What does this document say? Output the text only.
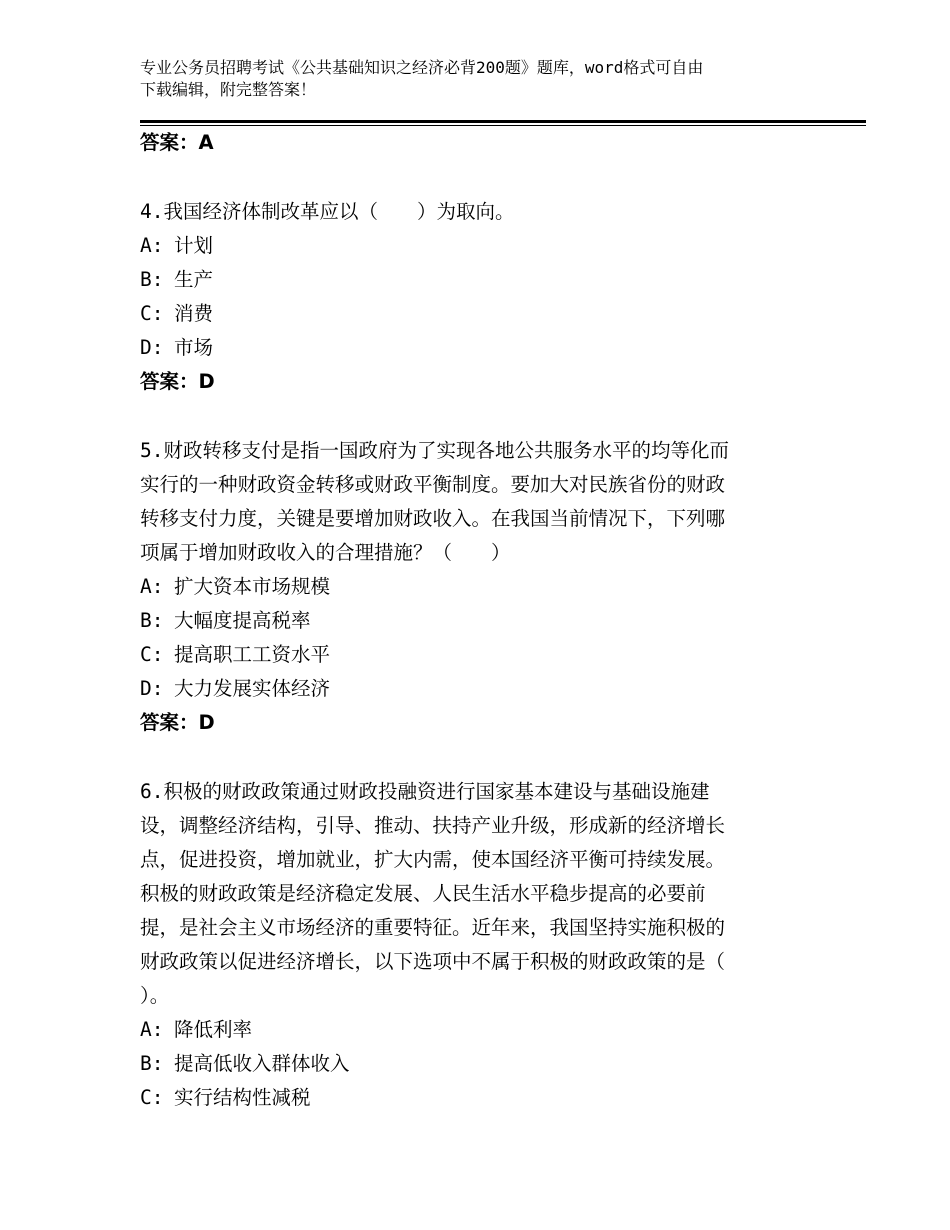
专业公务员招聘考试《公共基础知识之经济必背200题》题库，word格式可自由
下载编辑，附完整答案！
答案：A
4.我国经济体制改革应以（　　）为取向。
A: 计划
B: 生产
C: 消费
D: 市场
答案：D
5.财政转移支付是指一国政府为了实现各地公共服务水平的均等化而
实行的一种财政资金转移或财政平衡制度。要加大对民族省份的财政
转移支付力度，关键是要增加财政收入。在我国当前情况下，下列哪
项属于增加财政收入的合理措施？（　　）
A: 扩大资本市场规模
B: 大幅度提高税率
C: 提高职工工资水平
D: 大力发展实体经济
答案：D
6.积极的财政政策通过财政投融资进行国家基本建设与基础设施建
设，调整经济结构，引导、推动、扶持产业升级，形成新的经济增长
点，促进投资，增加就业，扩大内需，使本国经济平衡可持续发展。
积极的财政政策是经济稳定发展、人民生活水平稳步提高的必要前
提，是社会主义市场经济的重要特征。近年来，我国坚持实施积极的
财政政策以促进经济增长，以下选项中不属于积极的财政政策的是（
）。
A: 降低利率
B: 提高低收入群体收入
C: 实行结构性减税
